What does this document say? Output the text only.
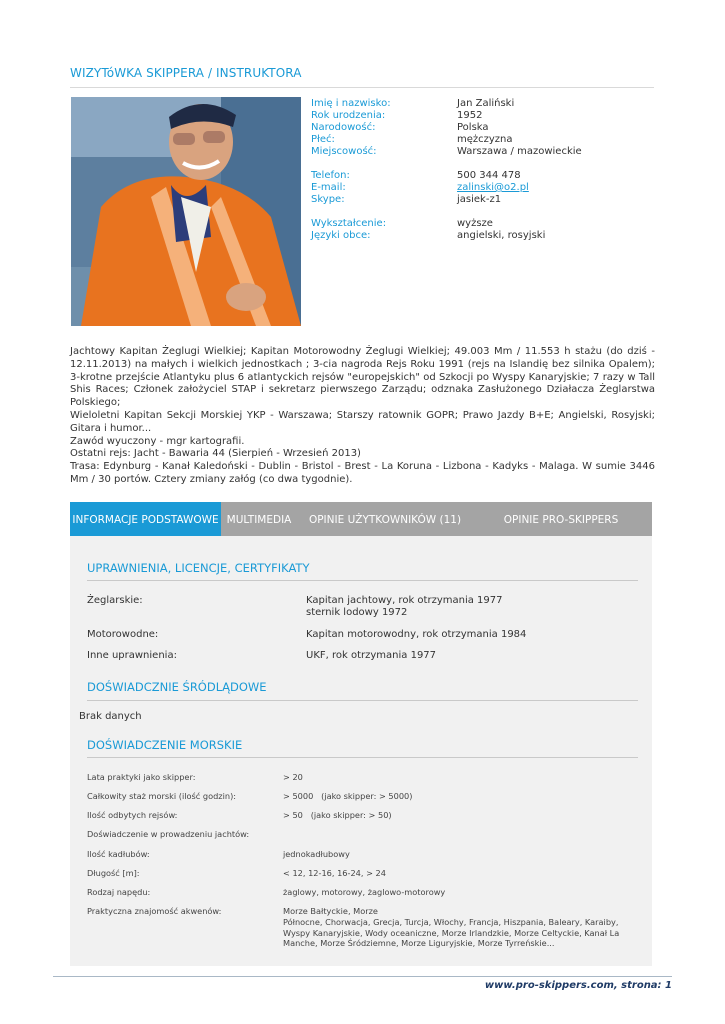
WIZYTóWKA SKIPPERA / INSTRUKTORA
Imię i nazwisko:	Jan Zaliński
Rok urodzenia:	1952
Narodowość:	Polska
Płeć:	mężczyzna
Miejscowość:	Warszawa / mazowieckie
Telefon:	500 344 478
E-mail:	zalinski@o2.pl
Skype:	jasiek-z1
Wykształcenie:	wyższe
Języki obce:	angielski, rosyjski

Jachtowy Kapitan Żeglugi Wielkiej; Kapitan Motorowodny Żeglugi Wielkiej; 49.003 Mm / 11.553 h stażu (do dziś - 12.11.2013) na małych i wielkich jednostkach ; 3-cia nagroda Rejs Roku 1991 (rejs na Islandię bez silnika Opalem); 3-krotne przejście Atlantyku plus 6 atlantyckich rejsów "europejskich" od Szkocji po Wyspy Kanaryjskie; 7 razy w Tall Shis Races; Członek założyciel STAP i sekretarz pierwszego Zarządu; odznaka Zasłużonego Działacza Żeglarstwa Polskiego;

Wieloletni Kapitan Sekcji Morskiej YKP - Warszawa; Starszy ratownik GOPR; Prawo Jazdy B+E; Angielski, Rosyjski; Gitara i humor...

Zawód wyuczony - mgr kartografii.

Ostatni rejs: Jacht - Bawaria 44 (Sierpień - Wrzesień 2013)

Trasa: Edynburg - Kanał Kaledoński - Dublin - Bristol - Brest - La Koruna - Lizbona - Kadyks - Malaga. W sumie 3446 Mm / 30 portów. Cztery zmiany załóg (co dwa tygodnie).

INFORMACJE PODSTAWOWE MULTIMEDIA	OPINIE UŻYTKOWNIKÓW (11)	OPINIE PRO-SKIPPERS
UPRAWNIENIA, LICENCJE, CERTYFIKATY
Żeglarskie:	Kapitan jachtowy, rok otrzymania 1977
sternik lodowy 1972
Motorowodne:	Kapitan motorowodny, rok otrzymania 1984
Inne uprawnienia:	UKF, rok otrzymania 1977
DOŚWIADCZNIE ŚRÓDLĄDOWE
Brak danych
DOŚWIADCZENIE MORSKIE
Lata praktyki jako skipper:	> 20
Całkowity staż morski (ilość godzin):	> 5000   (jako skipper: > 5000)
Ilość odbytych rejsów:	> 50   (jako skipper: > 50)
Doświadczenie w prowadzeniu jachtów:
Ilość kadłubów:	jednokadłubowy
Długość [m]:	< 12, 12-16, 16-24, > 24
Rodzaj napędu:	żaglowy, motorowy, żaglowo-motorowy
Praktyczna znajomość akwenów:	Morze Bałtyckie, Morze
Północne, Chorwacja, Grecja, Turcja, Włochy, Francja, Hiszpania, Baleary, Karaiby, Wyspy Kanaryjskie, Wody oceaniczne, Morze Irlandzkie, Morze Celtyckie, Kanał La Manche, Morze Śródziemne, Morze Liguryjskie, Morze Tyrreńskie...
www.pro-skippers.com, strona: 1
